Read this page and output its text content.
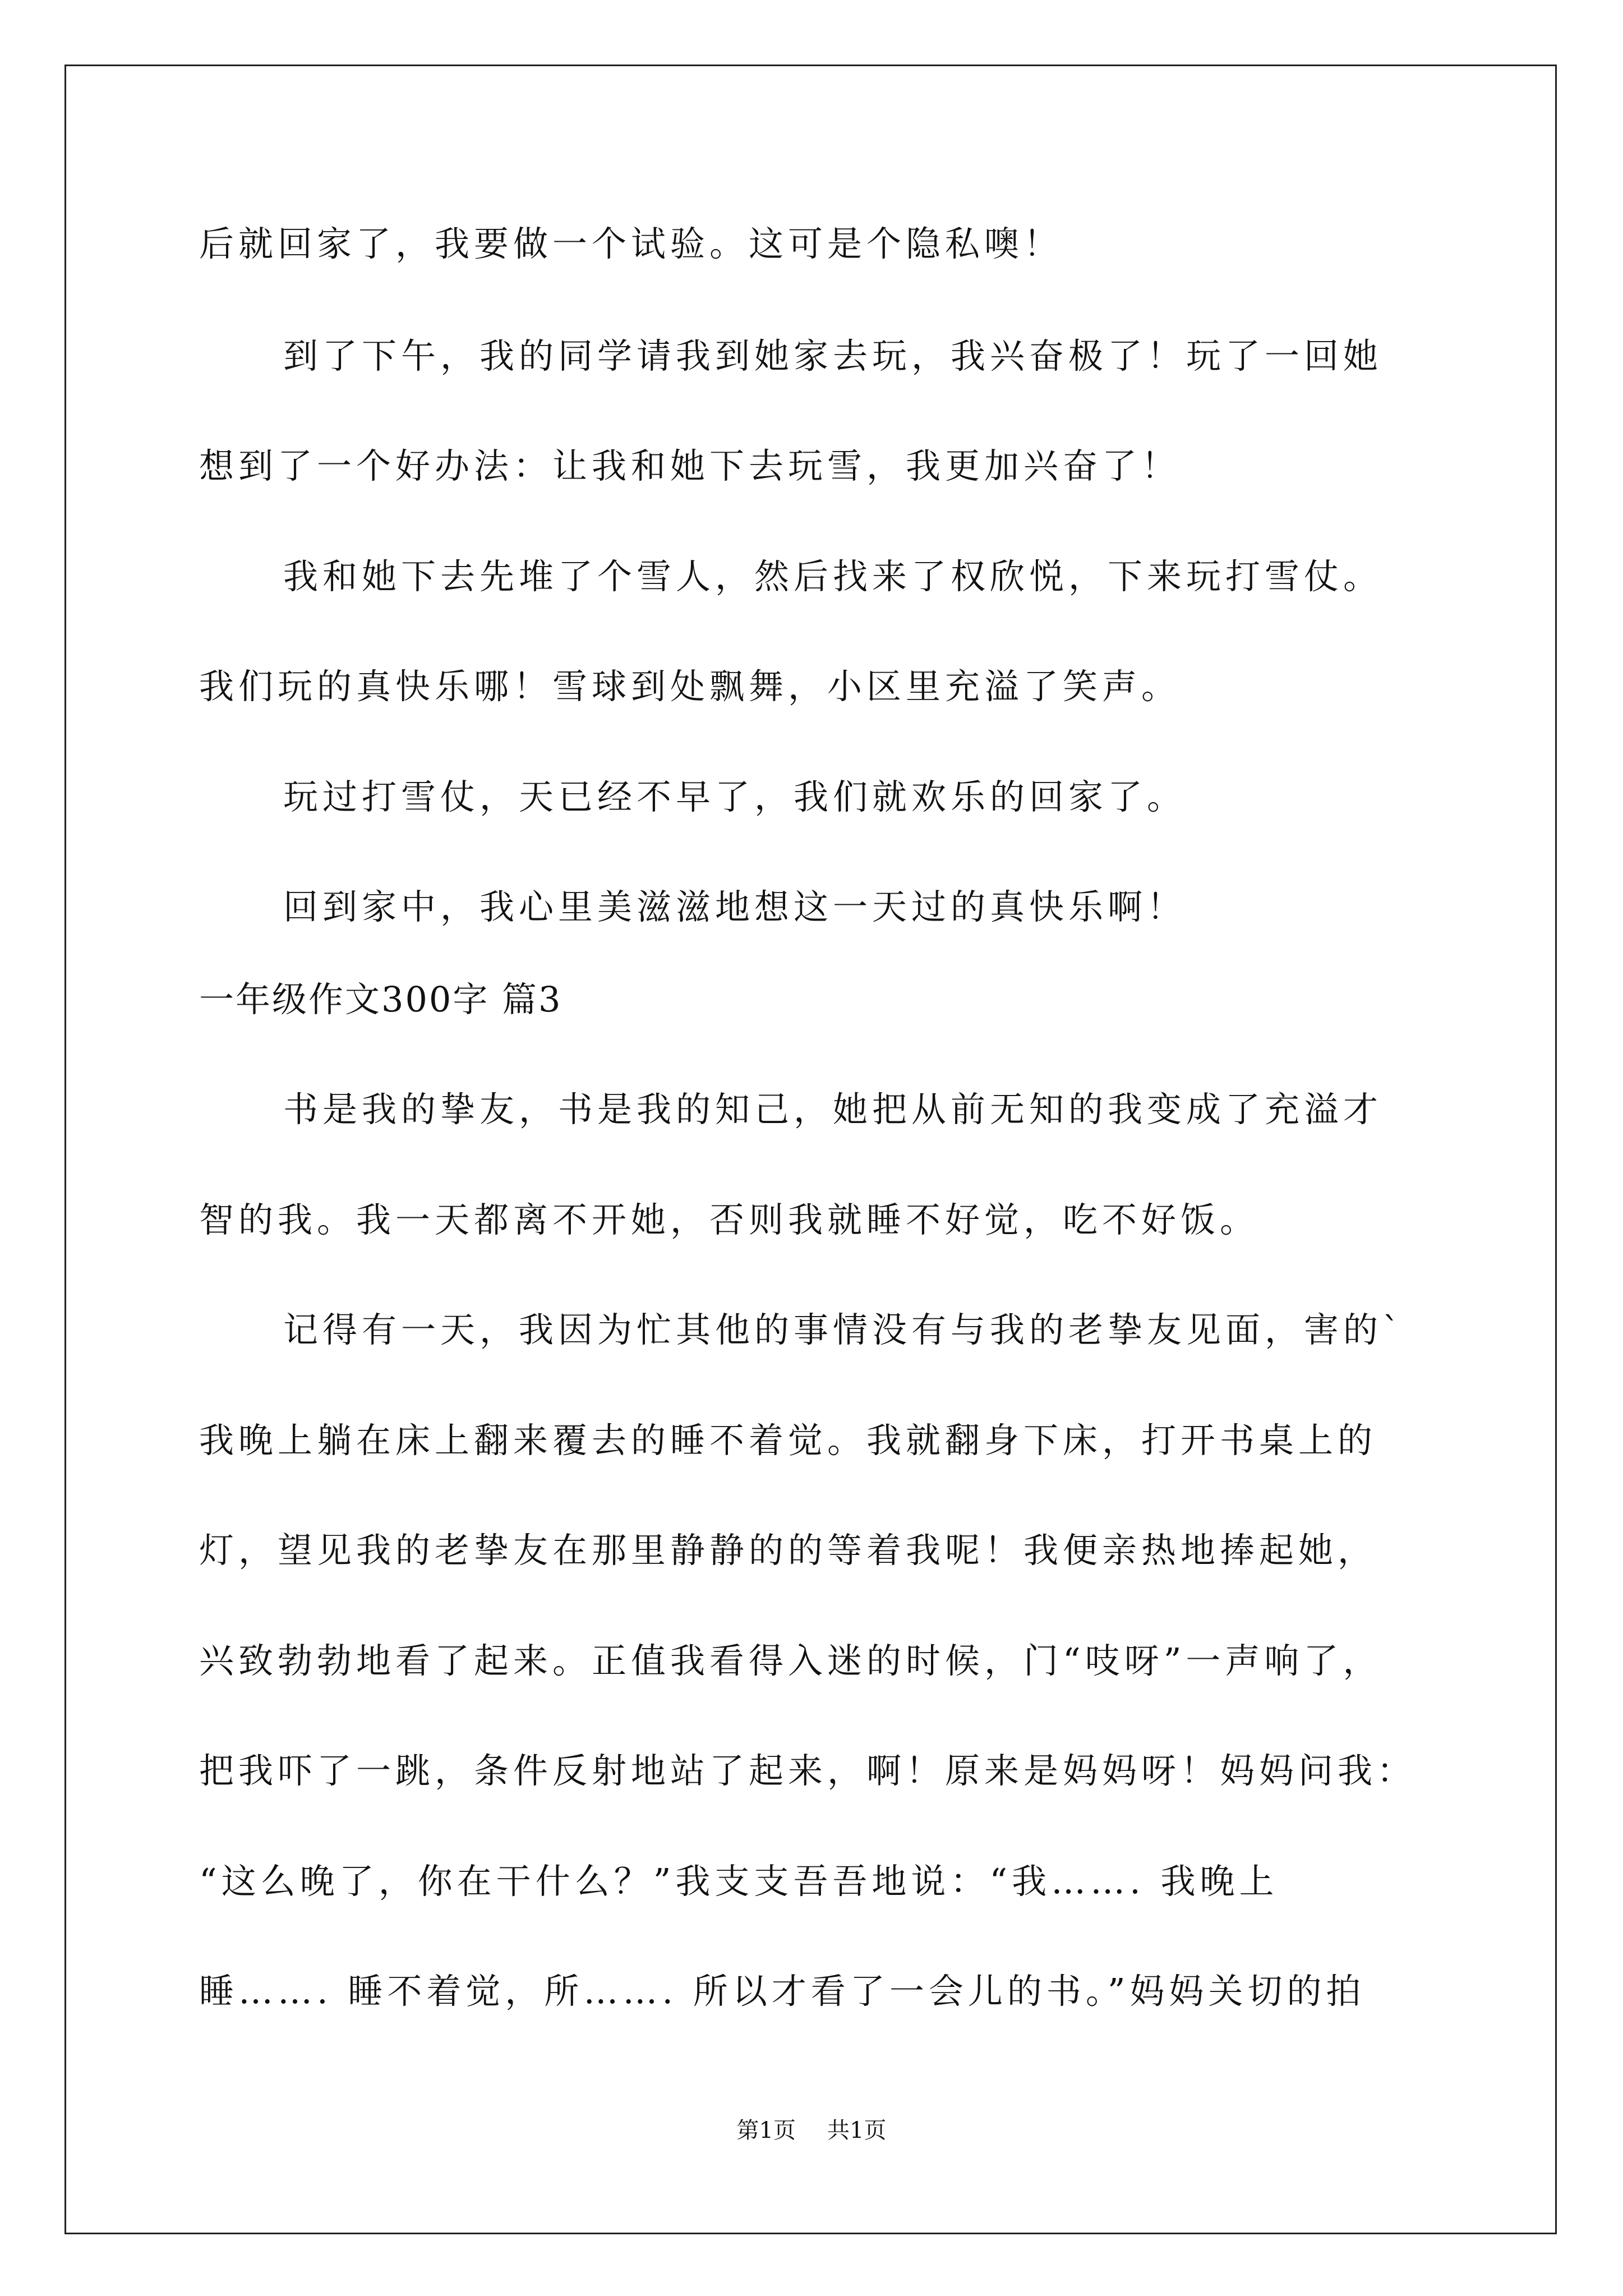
后就回家了，我要做一个试验。这可是个隐私噢！
到了下午，我的同学请我到她家去玩，我兴奋极了！玩了一回她
想到了一个好办法：让我和她下去玩雪，我更加兴奋了！
我和她下去先堆了个雪人，然后找来了权欣悦，下来玩打雪仗。
我们玩的真快乐哪！雪球到处飘舞，小区里充溢了笑声。
玩过打雪仗，天已经不早了，我们就欢乐的回家了。
回到家中，我心里美滋滋地想这一天过的真快乐啊！
一年级作文300字 篇3
书是我的挚友，书是我的知己，她把从前无知的我变成了充溢才
智的我。我一天都离不开她，否则我就睡不好觉，吃不好饭。
记得有一天，我因为忙其他的事情没有与我的老挚友见面，害的`
我晚上躺在床上翻来覆去的睡不着觉。我就翻身下床，打开书桌上的
灯，望见我的老挚友在那里静静的的等着我呢！我便亲热地捧起她，
兴致勃勃地看了起来。正值我看得入迷的时候，门“吱呀”一声响了，
把我吓了一跳，条件反射地站了起来，啊！原来是妈妈呀！妈妈问我：
“这么晚了，你在干什么？”我支支吾吾地说：“我……. 我晚上
睡……. 睡不着觉，所……. 所以才看了一会儿的书。”妈妈关切的拍
第1页 共1页
